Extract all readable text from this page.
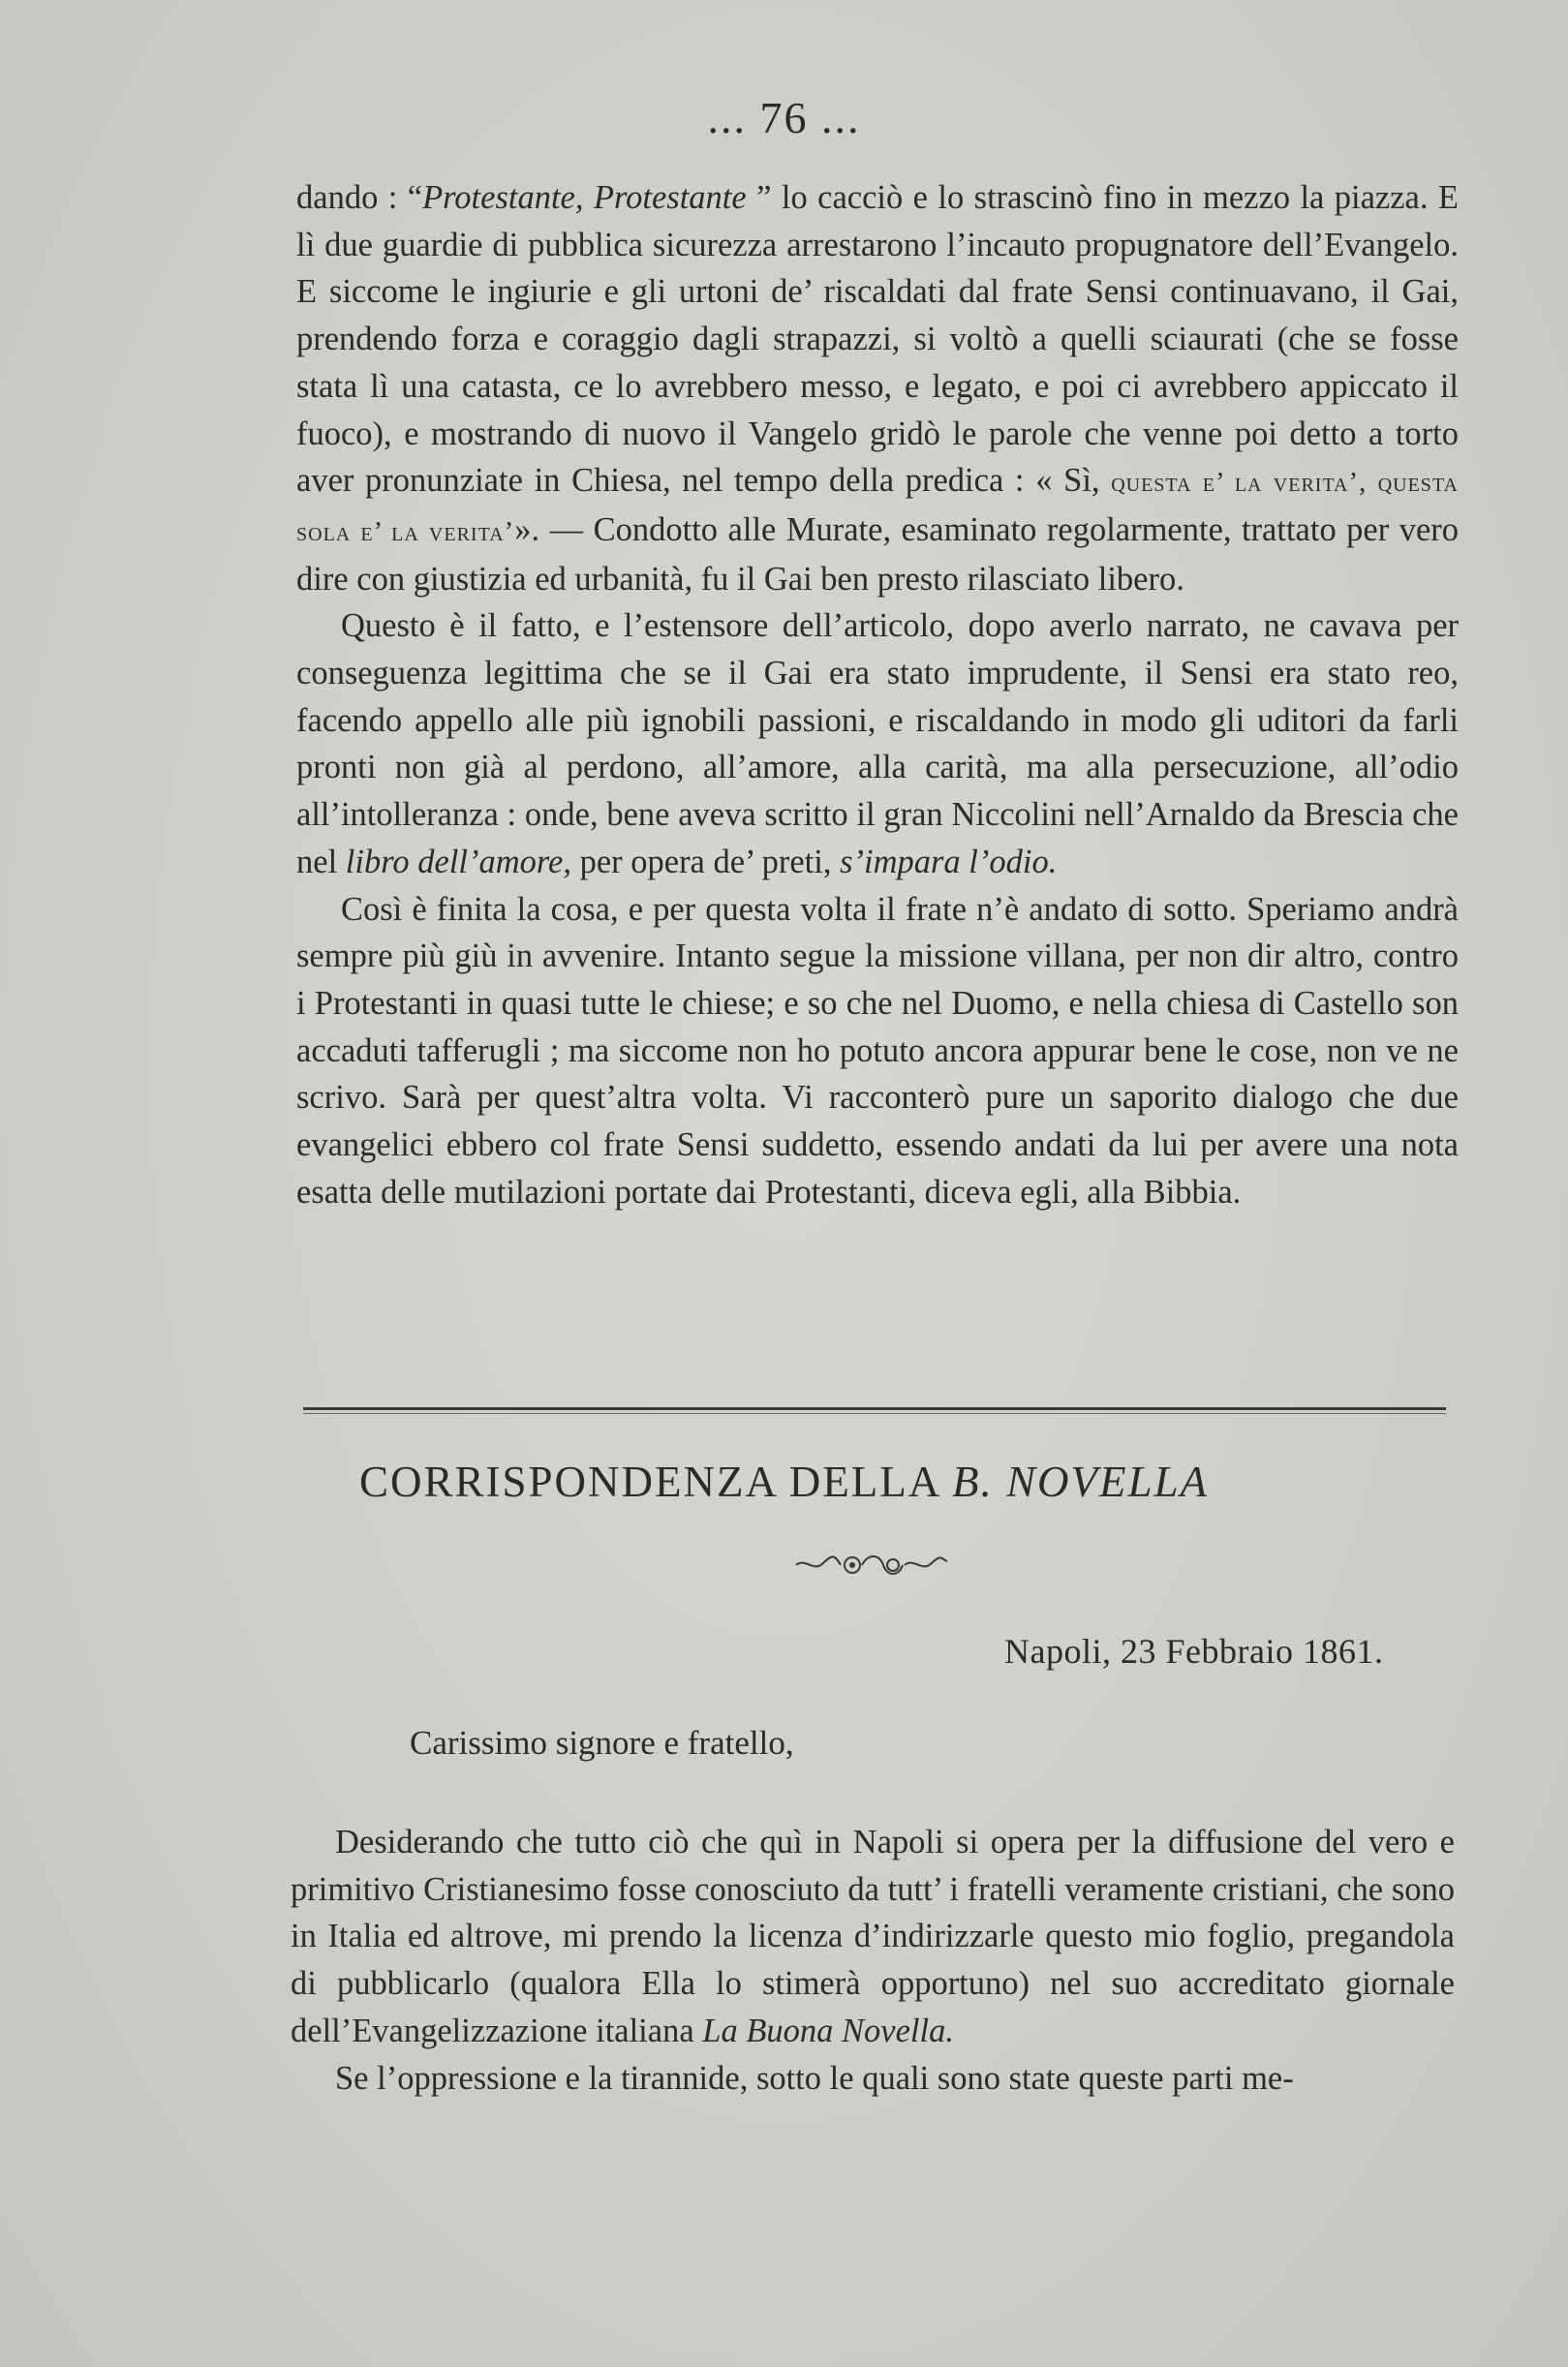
... 76 ...

dando : “Protestante, Protestante ” lo cacciò e lo strascinò fino in mezzo la piazza. E lì due guardie di pubblica sicurezza arrestarono l’incauto propugnatore dell’Evangelo. E siccome le ingiurie e gli urtoni de’ riscaldati dal frate Sensi continuavano, il Gai, prendendo forza e coraggio dagli strapazzi, si voltò a quelli sciaurati (che se fosse stata lì una catasta, ce lo avrebbero messo, e legato, e poi ci avrebbero appiccato il fuoco), e mostrando di nuovo il Vangelo gridò le parole che venne poi detto a torto aver pronunziate in Chiesa, nel tempo della predica : « Sì, questa e’ la verita’, questa sola e’ la verita’». — Condotto alle Murate, esaminato regolarmente, trattato per vero dire con giustizia ed urbanità, fu il Gai ben presto rilasciato libero.

Questo è il fatto, e l’estensore dell’articolo, dopo averlo narrato, ne cavava per conseguenza legittima che se il Gai era stato imprudente, il Sensi era stato reo, facendo appello alle più ignobili passioni, e riscaldando in modo gli uditori da farli pronti non già al perdono, all’amore, alla carità, ma alla persecuzione, all’odio all’intolleranza : onde, bene aveva scritto il gran Niccolini nell’Arnaldo da Brescia che nel libro dell’amore, per opera de’ preti, s’impara l’odio.

Così è finita la cosa, e per questa volta il frate n’è andato di sotto. Speriamo andrà sempre più giù in avvenire. Intanto segue la missione villana, per non dir altro, contro i Protestanti in quasi tutte le chiese; e so che nel Duomo, e nella chiesa di Castello son accaduti tafferugli ; ma siccome non ho potuto ancora appurar bene le cose, non ve ne scrivo. Sarà per quest’altra volta. Vi racconterò pure un saporito dialogo che due evangelici ebbero col frate Sensi suddetto, essendo andati da lui per avere una nota esatta delle mutilazioni portate dai Protestanti, diceva egli, alla Bibbia.

CORRISPONDENZA DELLA B. NOVELLA
Napoli, 23 Febbraio 1861.
Carissimo signore e fratello,

Desiderando che tutto ciò che quì in Napoli si opera per la diffusione del vero e primitivo Cristianesimo fosse conosciuto da tutt’ i fratelli veramente cristiani, che sono in Italia ed altrove, mi prendo la licenza d’indirizzarle questo mio foglio, pregandola di pubblicarlo (qualora Ella lo stimerà opportuno) nel suo accreditato giornale dell’Evangelizzazione italiana La Buona Novella.

Se l’oppressione e la tirannide, sotto le quali sono state queste parti me-
